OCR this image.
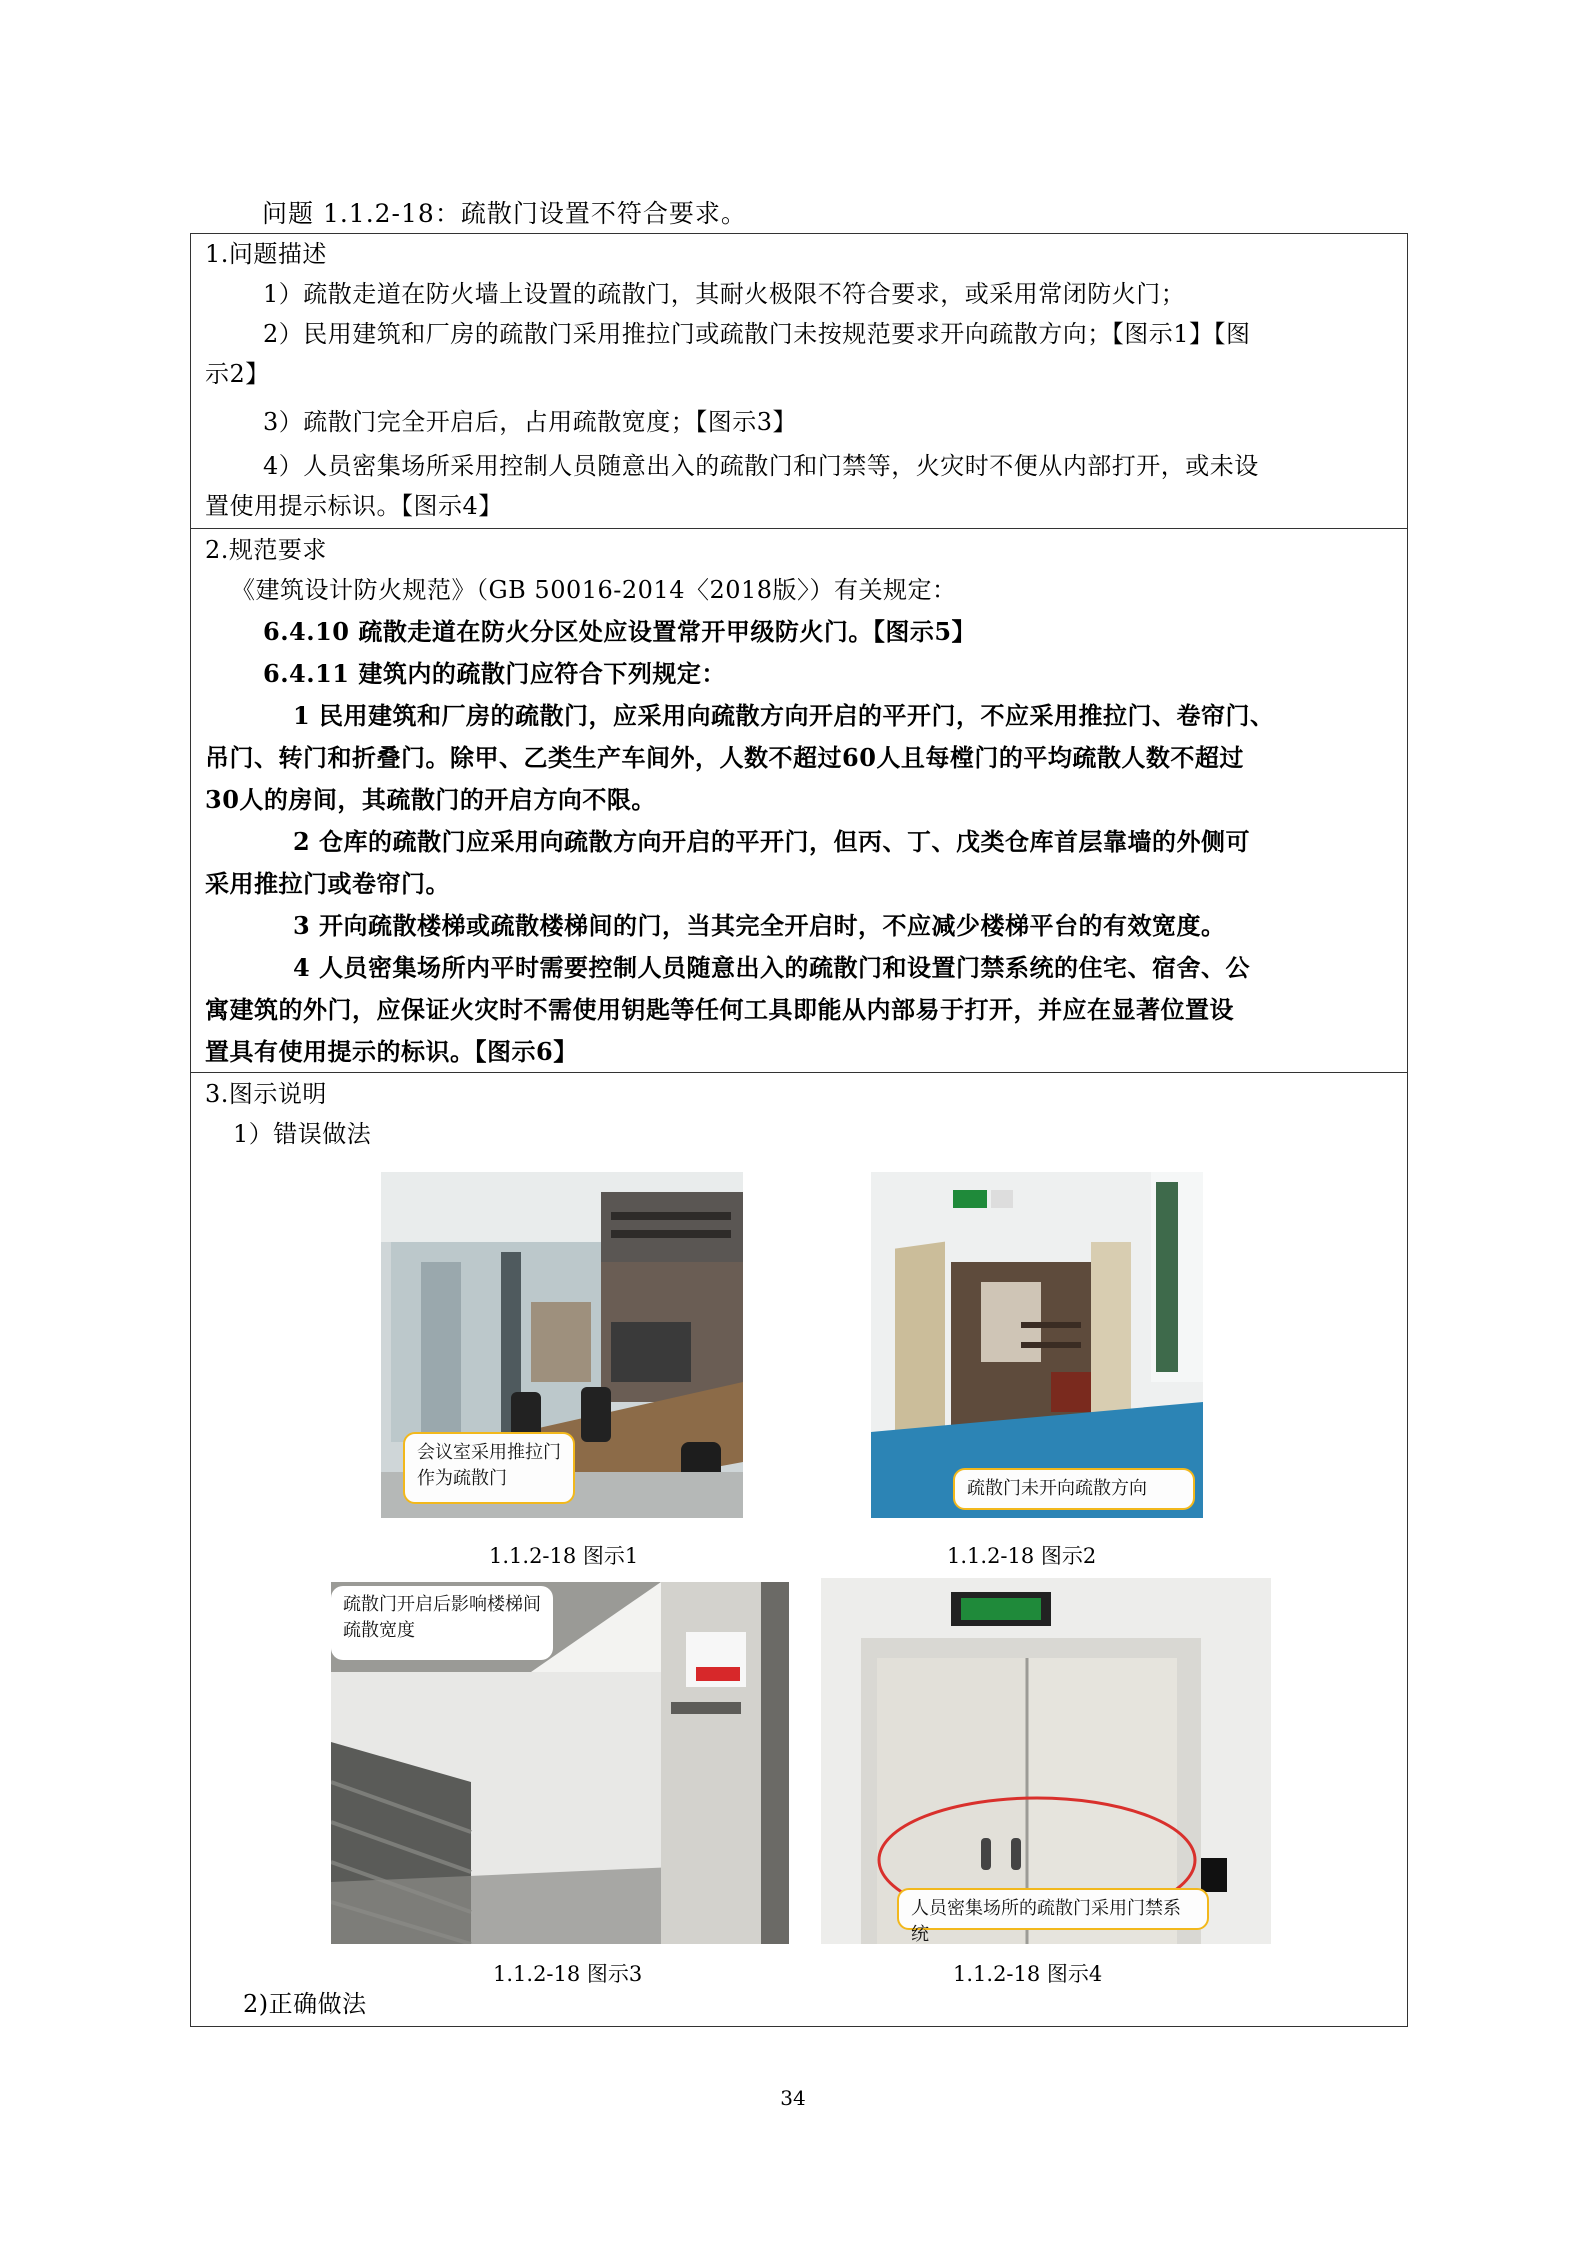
问题 1.1.2-18：疏散门设置不符合要求。
1.问题描述
1）疏散走道在防火墙上设置的疏散门，其耐火极限不符合要求，或采用常闭防火门；
2）民用建筑和厂房的疏散门采用推拉门或疏散门未按规范要求开向疏散方向；【图示1】【图
示2】
3）疏散门完全开启后，占用疏散宽度；【图示3】
4）人员密集场所采用控制人员随意出入的疏散门和门禁等，火灾时不便从内部打开，或未设
置使用提示标识。【图示4】
2.规范要求
《建筑设计防火规范》（GB 50016-2014〈2018版〉）有关规定：
6.4.10 疏散走道在防火分区处应设置常开甲级防火门。【图示5】
6.4.11 建筑内的疏散门应符合下列规定：
1 民用建筑和厂房的疏散门，应采用向疏散方向开启的平开门，不应采用推拉门、卷帘门、
吊门、转门和折叠门。除甲、乙类生产车间外，人数不超过60人且每樘门的平均疏散人数不超过
30人的房间，其疏散门的开启方向不限。
2 仓库的疏散门应采用向疏散方向开启的平开门，但丙、丁、戊类仓库首层靠墙的外侧可
采用推拉门或卷帘门。
3 开向疏散楼梯或疏散楼梯间的门，当其完全开启时，不应减少楼梯平台的有效宽度。
4 人员密集场所内平时需要控制人员随意出入的疏散门和设置门禁系统的住宅、宿舍、公
寓建筑的外门，应保证火灾时不需使用钥匙等任何工具即能从内部易于打开，并应在显著位置设
置具有使用提示的标识。【图示6】
3.图示说明
1）错误做法
会议室采用推拉门作为疏散门
1.1.2-18 图示1
疏散门未开向疏散方向
1.1.2-18 图示2
疏散门开启后影响楼梯间疏散宽度
1.1.2-18 图示3
人员密集场所的疏散门采用门禁系统
1.1.2-18 图示4
2)正确做法
34
